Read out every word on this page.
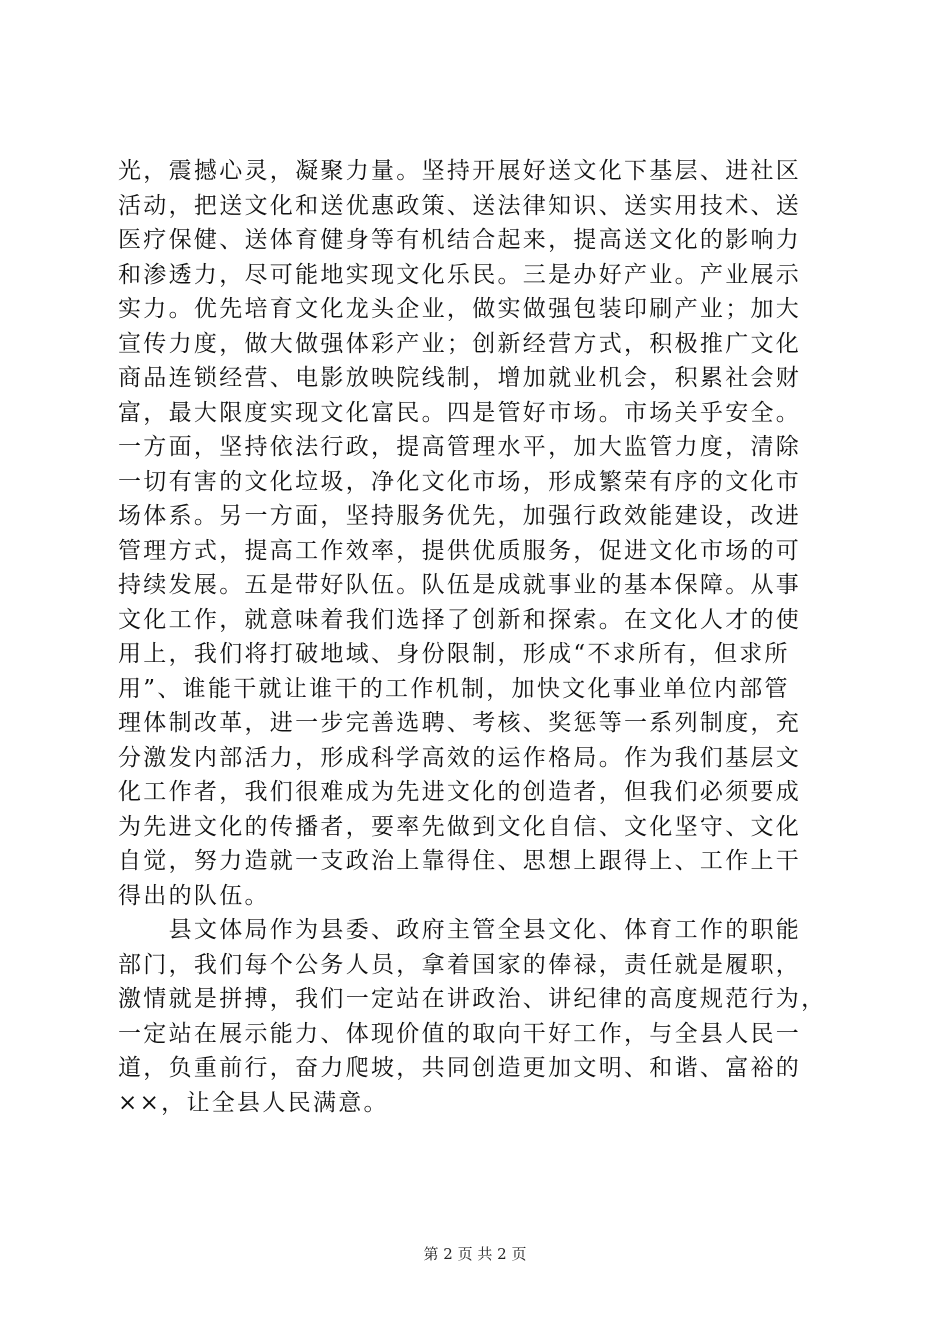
光，震撼心灵，凝聚力量。坚持开展好送文化下基层、进社区
活动，把送文化和送优惠政策、送法律知识、送实用技术、送
医疗保健、送体育健身等有机结合起来，提高送文化的影响力
和渗透力，尽可能地实现文化乐民。三是办好产业。产业展示
实力。优先培育文化龙头企业，做实做强包装印刷产业；加大
宣传力度，做大做强体彩产业；创新经营方式，积极推广文化
商品连锁经营、电影放映院线制，增加就业机会，积累社会财
富，最大限度实现文化富民。四是管好市场。市场关乎安全。
一方面，坚持依法行政，提高管理水平，加大监管力度，清除
一切有害的文化垃圾，净化文化市场，形成繁荣有序的文化市
场体系。另一方面，坚持服务优先，加强行政效能建设，改进
管理方式，提高工作效率，提供优质服务，促进文化市场的可
持续发展。五是带好队伍。队伍是成就事业的基本保障。从事
文化工作，就意味着我们选择了创新和探索。在文化人才的使
用上，我们将打破地域、身份限制，形成“不求所有，但求所
用”、谁能干就让谁干的工作机制，加快文化事业单位内部管
理体制改革，进一步完善选聘、考核、奖惩等一系列制度，充
分激发内部活力，形成科学高效的运作格局。作为我们基层文
化工作者，我们很难成为先进文化的创造者，但我们必须要成
为先进文化的传播者，要率先做到文化自信、文化坚守、文化
自觉，努力造就一支政治上靠得住、思想上跟得上、工作上干
得出的队伍。
　　县文体局作为县委、政府主管全县文化、体育工作的职能
部门，我们每个公务人员，拿着国家的俸禄，责任就是履职，
激情就是拼搏，我们一定站在讲政治、讲纪律的高度规范行为，
一定站在展示能力、体现价值的取向干好工作，与全县人民一
道，负重前行，奋力爬坡，共同创造更加文明、和谐、富裕的
××，让全县人民满意。
第 2 页 共 2 页
